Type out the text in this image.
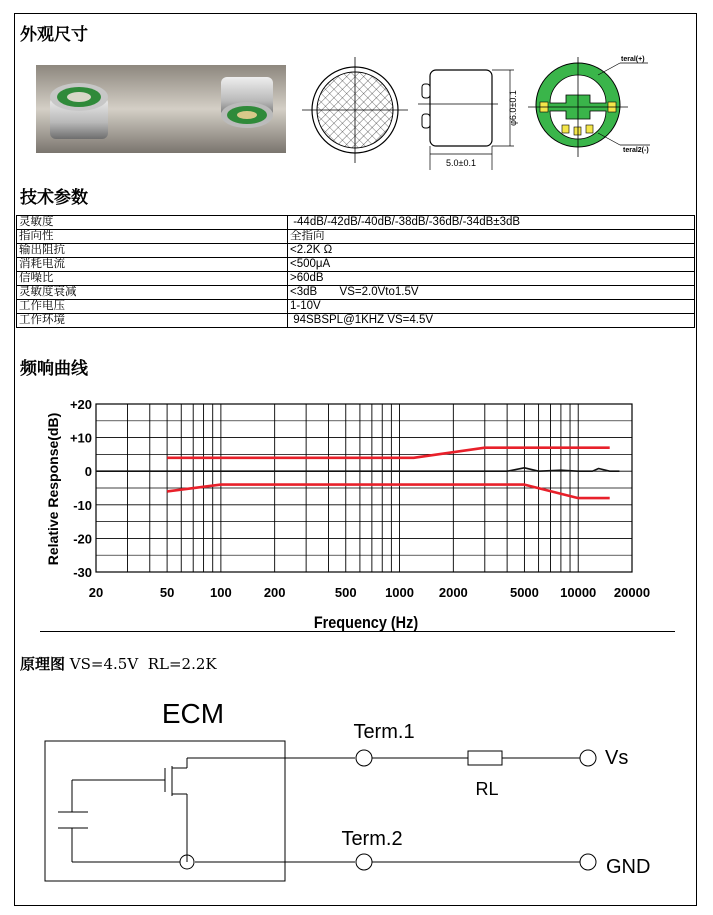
外观尺寸
φ6.0±0.1
5.0±0.1
teral(+)
teral2(-)
技术参数
灵敏度	-44dB/-42dB/-40dB/-38dB/-36dB/-34dB±3dB
指向性	全指向
输出阻抗	<2.2K Ω
消耗电流	<500μA
信噪比	>60dB
灵敏度衰减	<3dB       VS=2.0Vto1.5V
工作电压	1-10V
工作环境	94SBSPL@1KHZ VS=4.5V
频响曲线
20	50	100 200	500 1000 2000	5000 10000 20000
+20
+10
0
-10
-20
-30
Frequency (Hz)
Relative Response(dB)
原理图 VS=4.5V  RL=2.2K
ECM
Term.1
Term.2
RL
Vs
GND
